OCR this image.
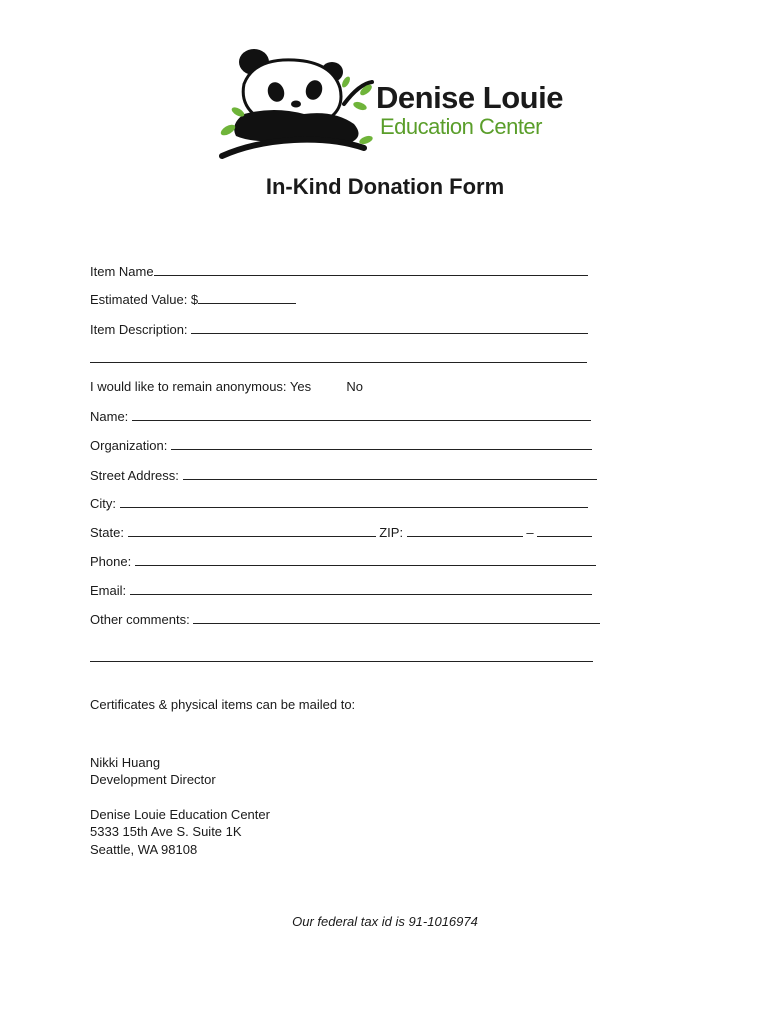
Denise Louie
Education Center
In-Kind Donation Form
Item Name
Estimated Value: $
Item Description:
I would like to remain anonymous: Yes	No
Name:
Organization:
Street Address:
City:
State:	ZIP:	–
Phone:
Email:
Other comments:
Certificates & physical items can be mailed to:
Nikki Huang
Development Director
Denise Louie Education Center
5333 15th Ave S. Suite 1K
Seattle, WA 98108
Our federal tax id is 91-1016974
